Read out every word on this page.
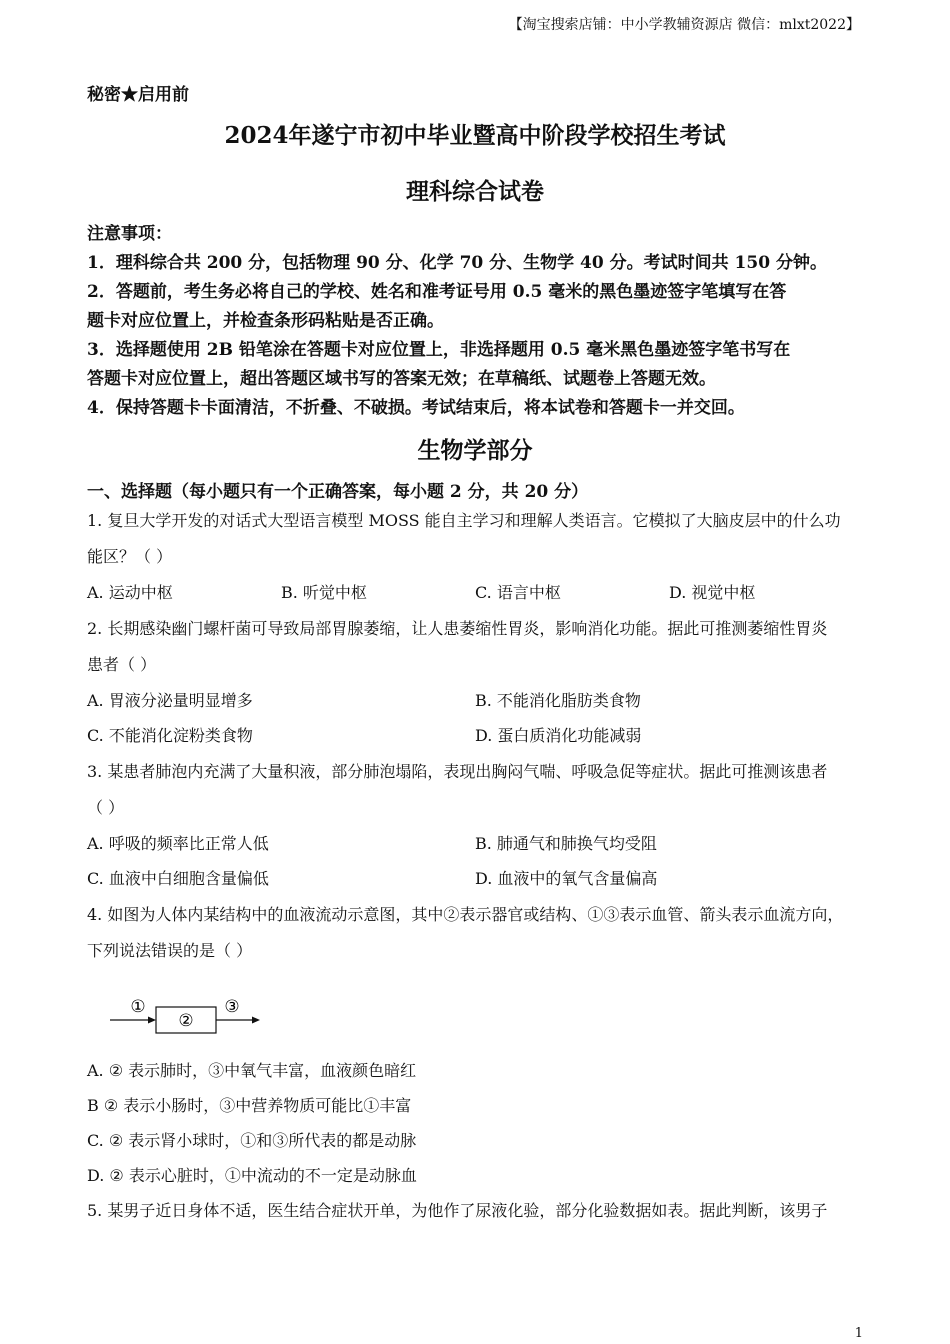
【淘宝搜索店铺：中小学教辅资源店 微信：mlxt2022】
秘密★启用前
2024年遂宁市初中毕业暨高中阶段学校招生考试
理科综合试卷
注意事项：
1．理科综合共 200 分，包括物理 90 分、化学 70 分、生物学 40 分。考试时间共 150 分钟。
2．答题前，考生务必将自己的学校、姓名和准考证号用 0.5 毫米的黑色墨迹签字笔填写在答
题卡对应位置上，并检查条形码粘贴是否正确。
3．选择题使用 2B 铅笔涂在答题卡对应位置上，非选择题用 0.5 毫米黑色墨迹签字笔书写在
答题卡对应位置上，超出答题区域书写的答案无效；在草稿纸、试题卷上答题无效。
4．保持答题卡卡面清洁，不折叠、不破损。考试结束后，将本试卷和答题卡一并交回。
生物学部分
一、选择题（每小题只有一个正确答案，每小题 2 分，共 20 分）
1. 复旦大学开发的对话式大型语言模型 MOSS 能自主学习和理解人类语言。它模拟了大脑皮层中的什么功
能区？（ ）
A. 运动中枢	B. 听觉中枢	C. 语言中枢	D. 视觉中枢
2. 长期感染幽门螺杆菌可导致局部胃腺萎缩，让人患萎缩性胃炎，影响消化功能。据此可推测萎缩性胃炎
患者（ ）
A. 胃液分泌量明显增多	B. 不能消化脂肪类食物
C. 不能消化淀粉类食物	D. 蛋白质消化功能减弱
3. 某患者肺泡内充满了大量积液，部分肺泡塌陷，表现出胸闷气喘、呼吸急促等症状。据此可推测该患者
（ ）
A. 呼吸的频率比正常人低	B. 肺通气和肺换气均受阻
C. 血液中白细胞含量偏低	D. 血液中的氧气含量偏高
4. 如图为人体内某结构中的血液流动示意图，其中②表示器官或结构、①③表示血管、箭头表示血流方向，
下列说法错误的是（ ）
①
②
③
A. ② 表示肺时，③中氧气丰富，血液颜色暗红
B ② 表示小肠时，③中营养物质可能比①丰富
C. ② 表示肾小球时，①和③所代表的都是动脉
D. ② 表示心脏时，①中流动的不一定是动脉血
5. 某男子近日身体不适，医生结合症状开单，为他作了尿液化验，部分化验数据如表。据此判断，该男子
1
